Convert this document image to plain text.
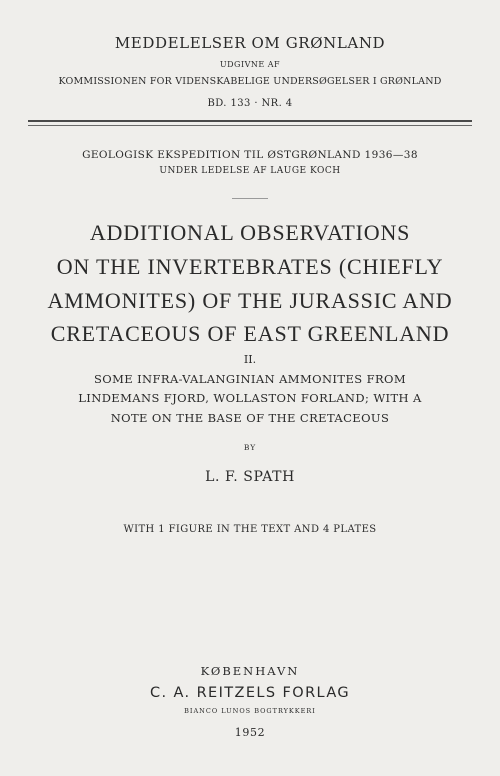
MEDDELELSER OM GRØNLAND
UDGIVNE AF
KOMMISSIONEN FOR VIDENSKABELIGE UNDERSØGELSER I GRØNLAND
BD. 133 · NR. 4
GEOLOGISK EKSPEDITION TIL ØSTGRØNLAND 1936—38
UNDER LEDELSE AF LAUGE KOCH
ADDITIONAL OBSERVATIONS
ON THE INVERTEBRATES (CHIEFLY
AMMONITES) OF THE JURASSIC AND
CRETACEOUS OF EAST GREENLAND
II.
SOME INFRA-VALANGINIAN AMMONITES FROM
LINDEMANS FJORD, WOLLASTON FORLAND; WITH A
NOTE ON THE BASE OF THE CRETACEOUS
BY
L. F. SPATH
WITH 1 FIGURE IN THE TEXT AND 4 PLATES
KØBENHAVN
C. A. REITZELS FORLAG
BIANCO LUNOS BOGTRYKKERI
1952
